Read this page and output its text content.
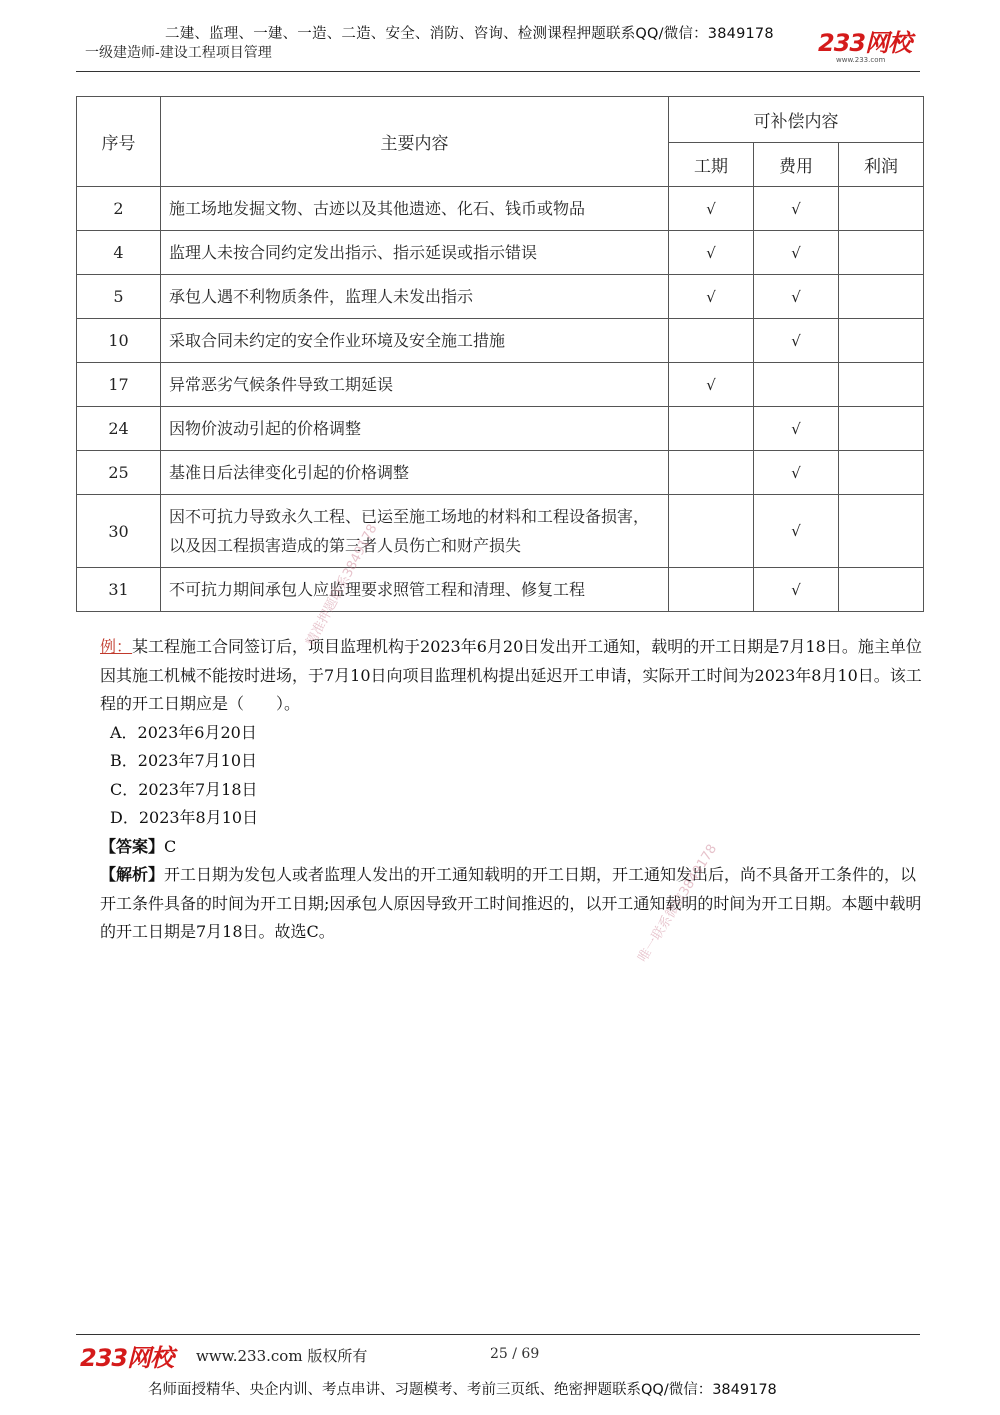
二建、监理、一建、一造、二造、安全、消防、咨询、检测课程押题联系QQ/微信：3849178
一级建造师-建设工程项目管理	233网校
www.233.com
序号	主要内容	可补偿内容		
		工期	费用	利润
2	施工场地发掘文物、古迹以及其他遗迹、化石、钱币或物品	√	√	
4	监理人未按合同约定发出指示、指示延误或指示错误	√	√	
5	承包人遇不利物质条件，监理人未发出指示	√	√	
10	采取合同未约定的安全作业环境及安全施工措施		√	
17	异常恶劣气候条件导致工期延误	√		
24	因物价波动引起的价格调整		√	
25	基准日后法律变化引起的价格调整		√	
30	因不可抗力导致永久工程、已运至施工场地的材料和工程设备损害，以及因工程损害造成的第三者人员伤亡和财产损失		√	
31	不可抗力期间承包人应监理要求照管工程和清理、修复工程		√	

例：某工程施工合同签订后，项目监理机构于2023年6月20日发出开工通知，载明的开工日期是7月18日。施主单位因其施工机械不能按时进场，于7月10日向项目监理机构提出延迟开工申请，实际开工时间为2023年8月10日。该工程的开工日期应是（　　）。

A．2023年6月20日

B．2023年7月10日

C．2023年7月18日

D．2023年8月10日

【答案】C

【解析】开工日期为发包人或者监理人发出的开工通知载明的开工日期，开工通知发出后，尚不具备开工条件的，以开工条件具备的时间为开工日期;因承包人原因导致开工时间推迟的，以开工通知载明的时间为开工日期。本题中载明的开工日期是7月18日。故选C。

精准押题联系3849178
唯一联系微信3849178
233网校 www.233.com 版权所有	25 / 69
名师面授精华、央企内训、考点串讲、习题模考、考前三页纸、绝密押题联系QQ/微信：3849178
